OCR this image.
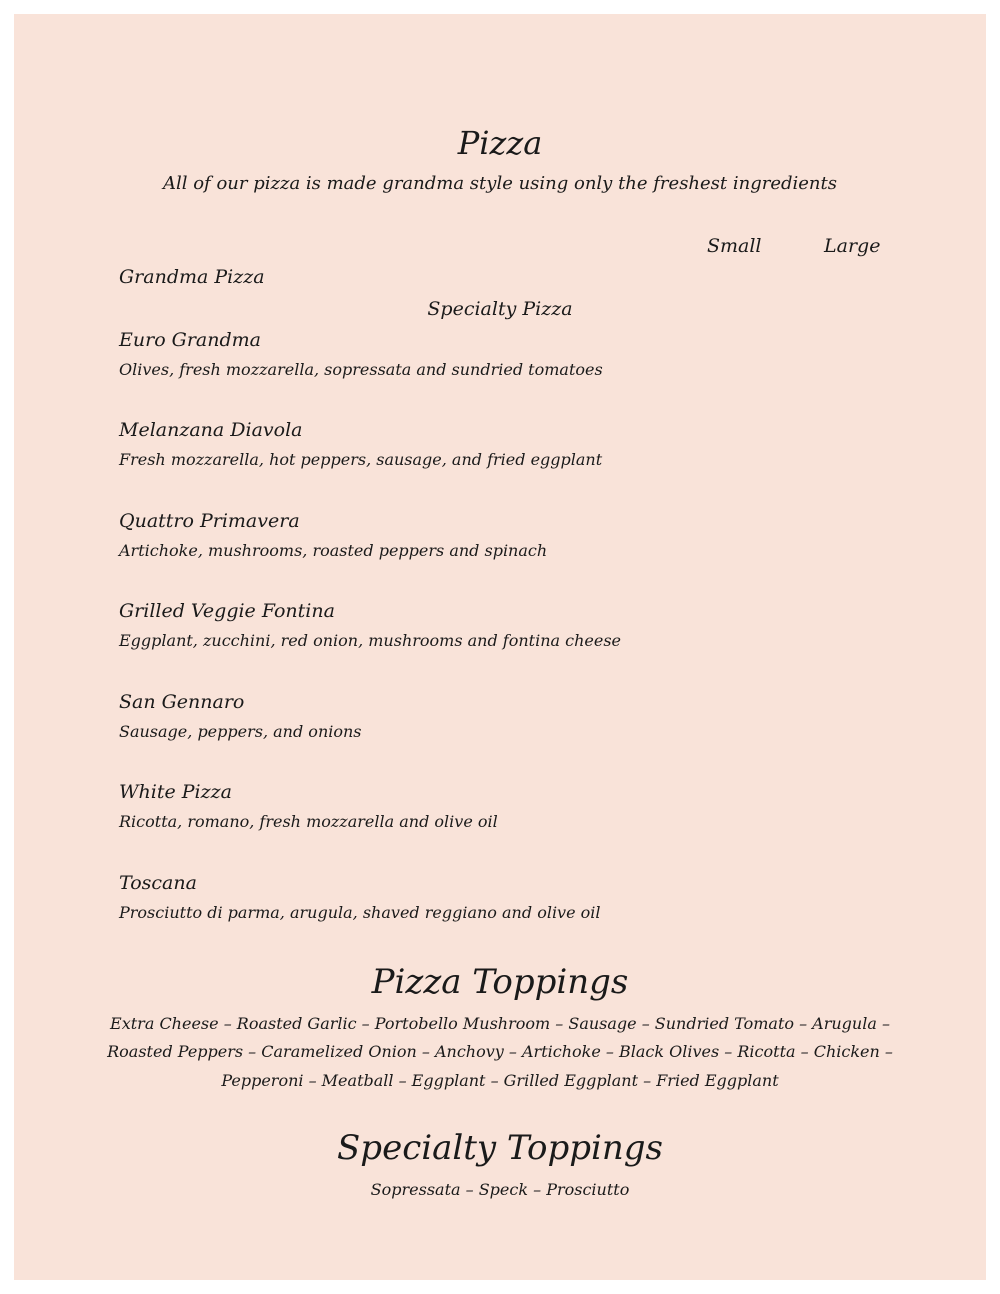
Pizza
All of our pizza is made grandma style using only the freshest ingredients
Small	Large
Grandma Pizza
Specialty Pizza
Euro Grandma
Olives, fresh mozzarella, sopressata and sundried tomatoes
Melanzana Diavola
Fresh mozzarella, hot peppers, sausage, and fried eggplant
Quattro Primavera
Artichoke, mushrooms, roasted peppers and spinach
Grilled Veggie Fontina
Eggplant, zucchini, red onion, mushrooms and fontina cheese
San Gennaro
Sausage, peppers, and onions
White Pizza
Ricotta, romano, fresh mozzarella and olive oil
Toscana
Prosciutto di parma, arugula, shaved reggiano and olive oil
Pizza Toppings
Extra Cheese – Roasted Garlic – Portobello Mushroom – Sausage – Sundried Tomato – Arugula –
Roasted Peppers – Caramelized Onion – Anchovy – Artichoke – Black Olives – Ricotta – Chicken –
Pepperoni – Meatball – Eggplant – Grilled Eggplant – Fried Eggplant
Specialty Toppings
Sopressata – Speck – Prosciutto
